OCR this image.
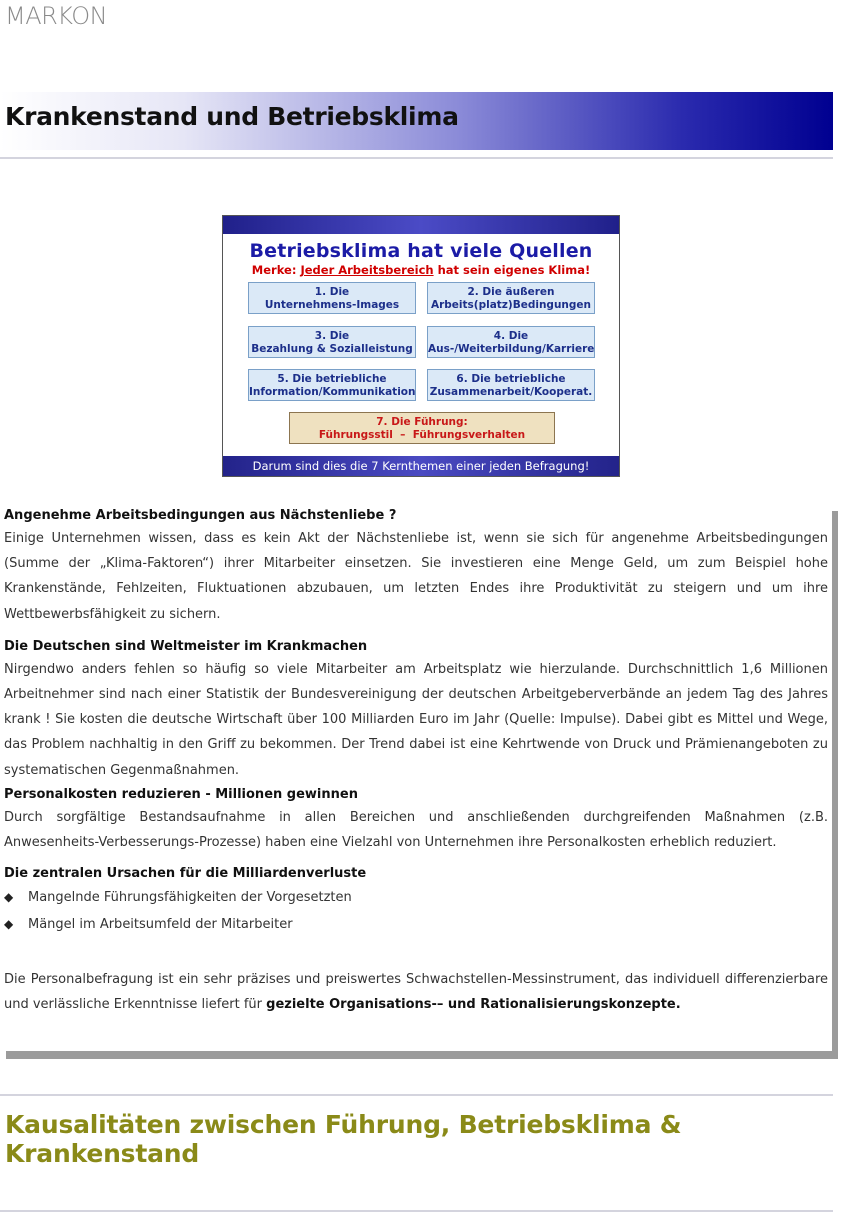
MARKON
Krankenstand und Betriebsklima
Betriebsklima hat viele Quellen
Merke: Jeder Arbeitsbereich hat sein eigenes Klima!
1. Die
Unternehmens-Images
2. Die äußeren
Arbeits(platz)Bedingungen
3. Die
Bezahlung & Sozialleistung
4. Die
Aus-/Weiterbildung/Karriere
5. Die betriebliche
Information/Kommunikation
6. Die betriebliche
Zusammenarbeit/Kooperat.
7. Die Führung:
Führungsstil  –  Führungsverhalten
Darum sind dies die 7 Kernthemen einer jeden Befragung!

Angenehme Arbeitsbedingungen aus Nächstenliebe ?

Einige Unternehmen wissen, dass es kein Akt der Nächstenliebe ist, wenn sie sich für angenehme Arbeitsbedingungen (Summe der „Klima-Faktoren“) ihrer Mitarbeiter einsetzen. Sie investieren eine Menge Geld, um zum Beispiel hohe Krankenstände, Fehlzeiten, Fluktuationen abzubauen, um letzten Endes ihre Produktivität zu steigern und um ihre Wettbewerbsfähigkeit zu sichern.

Die Deutschen sind Weltmeister im Krankmachen

Nirgendwo anders fehlen so häufig so viele Mitarbeiter am Arbeitsplatz wie hierzulande. Durchschnittlich 1,6 Millionen Arbeitnehmer sind nach einer Statistik der Bundesvereinigung der deutschen Arbeitgeberverbände an jedem Tag des Jahres krank ! Sie kosten die deutsche Wirtschaft über 100 Milliarden Euro im Jahr (Quelle: Impulse). Dabei gibt es Mittel und Wege, das Problem nachhaltig in den Griff zu bekommen. Der Trend dabei ist eine Kehrtwende von Druck und Prämienangeboten zu systematischen Gegenmaßnahmen.

Personalkosten reduzieren - Millionen gewinnen

Durch sorgfältige Bestandsaufnahme in allen Bereichen und anschließenden durchgreifenden Maßnahmen (z.B. Anwesenheits-Verbesserungs-Prozesse) haben eine Vielzahl von Unternehmen ihre Personalkosten erheblich reduziert.

Die zentralen Ursachen für die Milliardenverluste

◆ Mangelnde Führungsfähigkeiten der Vorgesetzten

◆ Mängel im Arbeitsumfeld der Mitarbeiter

Die Personalbefragung ist ein sehr präzises und preiswertes Schwachstellen-Messinstrument, das individuell differenzierbare und verlässliche Erkenntnisse liefert für gezielte Organisations-– und Rationalisierungskonzepte.

Kausalitäten zwischen Führung, Betriebsklima & Krankenstand
